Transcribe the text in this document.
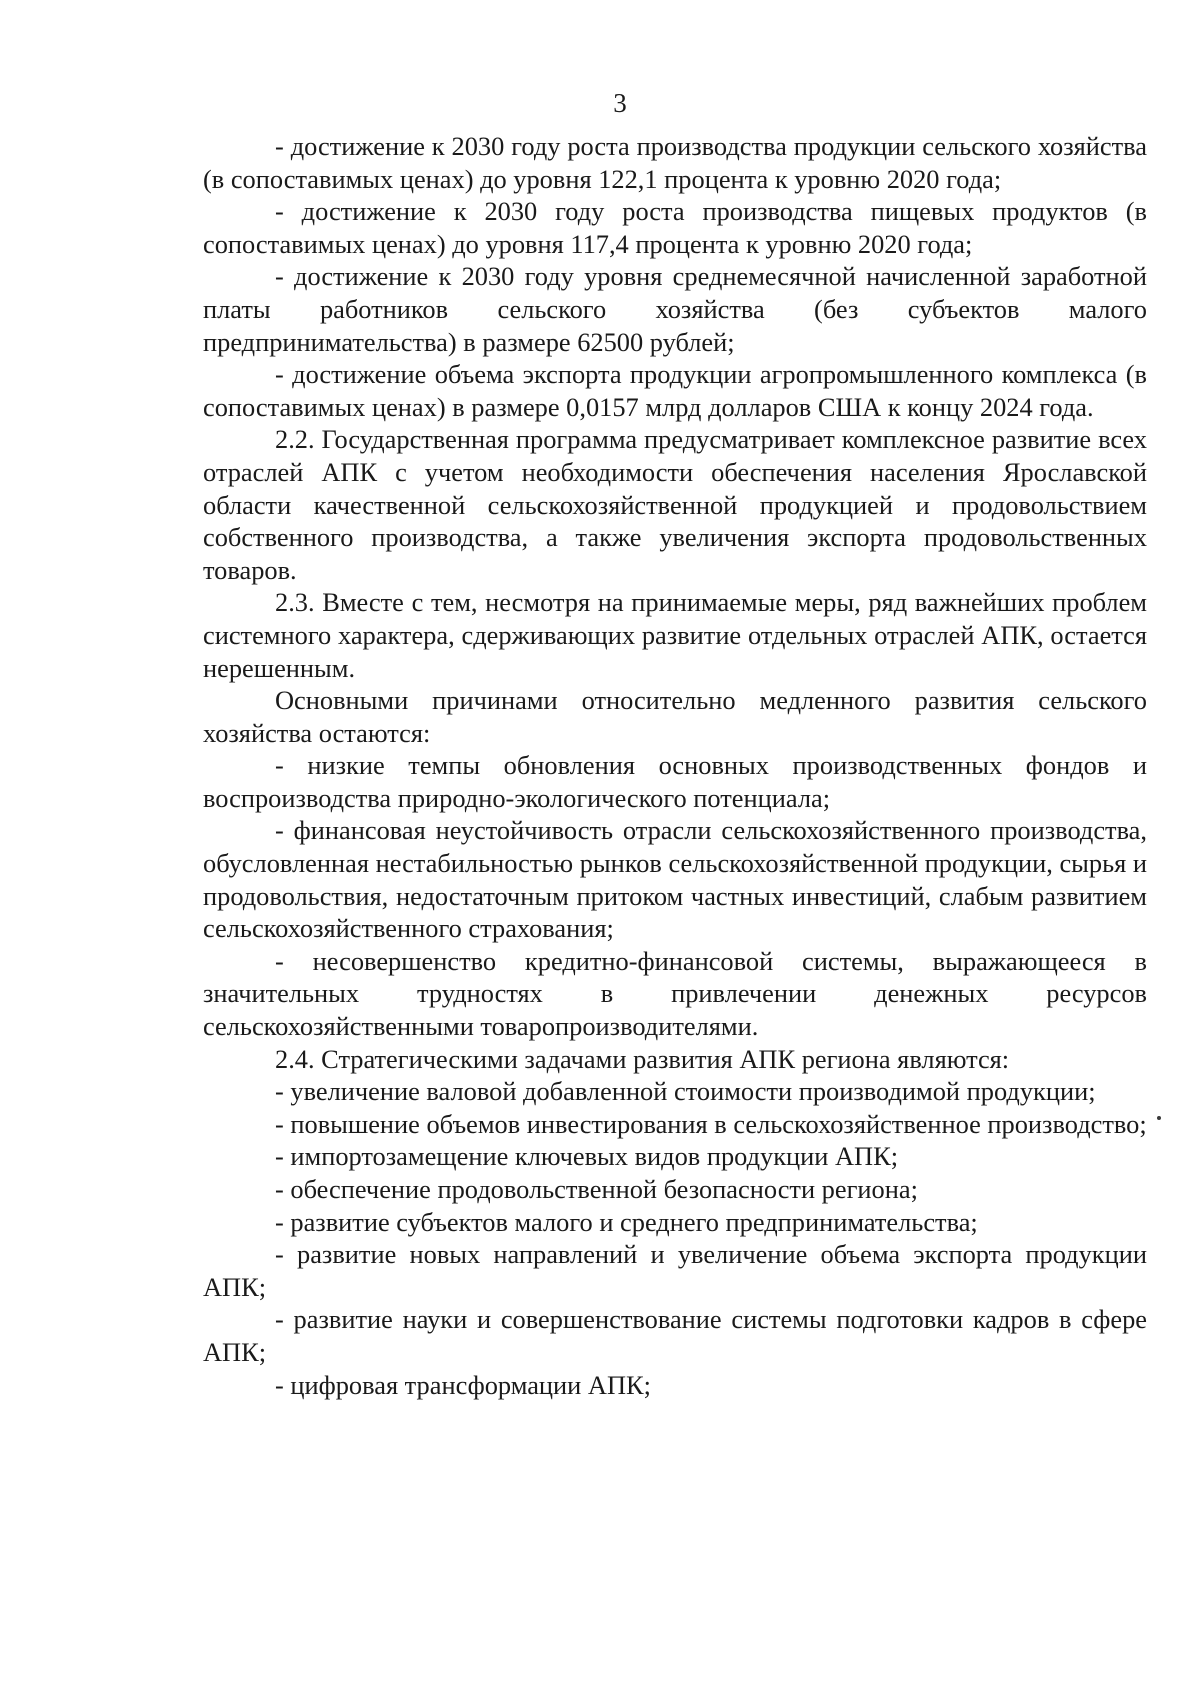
3

- достижение к 2030 году роста производства продукции сельского хозяйства (в сопоставимых ценах) до уровня 122,1 процента к уровню 2020 года;

- достижение к 2030 году роста производства пищевых продуктов (в сопоставимых ценах) до уровня 117,4 процента к уровню 2020 года;

- достижение к 2030 году уровня среднемесячной начисленной заработной платы работников сельского хозяйства (без субъектов малого предпринимательства) в размере 62500 рублей;

- достижение объема экспорта продукции агропромышленного комплекса (в сопоставимых ценах) в размере 0,0157 млрд долларов США к концу 2024 года.

2.2. Государственная программа предусматривает комплексное развитие всех отраслей АПК с учетом необходимости обеспечения населения Ярославской области качественной сельскохозяйственной продукцией и продовольствием собственного производства, а также увеличения экспорта продовольственных товаров.

2.3. Вместе с тем, несмотря на принимаемые меры, ряд важнейших проблем системного характера, сдерживающих развитие отдельных отраслей АПК, остается нерешенным.

Основными причинами относительно медленного развития сельского хозяйства остаются:

- низкие темпы обновления основных производственных фондов и воспроизводства природно-экологического потенциала;

- финансовая неустойчивость отрасли сельскохозяйственного производства, обусловленная нестабильностью рынков сельскохозяйственной продукции, сырья и продовольствия, недостаточным притоком частных инвестиций, слабым развитием сельскохозяйственного страхования;

- несовершенство кредитно-финансовой системы, выражающееся в значительных трудностях в привлечении денежных ресурсов сельскохозяйственными товаропроизводителями.

2.4. Стратегическими задачами развития АПК региона являются:

- увеличение валовой добавленной стоимости производимой продукции;

- повышение объемов инвестирования в сельскохозяйственное производство;

- импортозамещение ключевых видов продукции АПК;

- обеспечение продовольственной безопасности региона;

- развитие субъектов малого и среднего предпринимательства;

- развитие новых направлений и увеличение объема экспорта продукции АПК;

- развитие науки и совершенствование системы подготовки кадров в сфере АПК;

- цифровая трансформации АПК;
